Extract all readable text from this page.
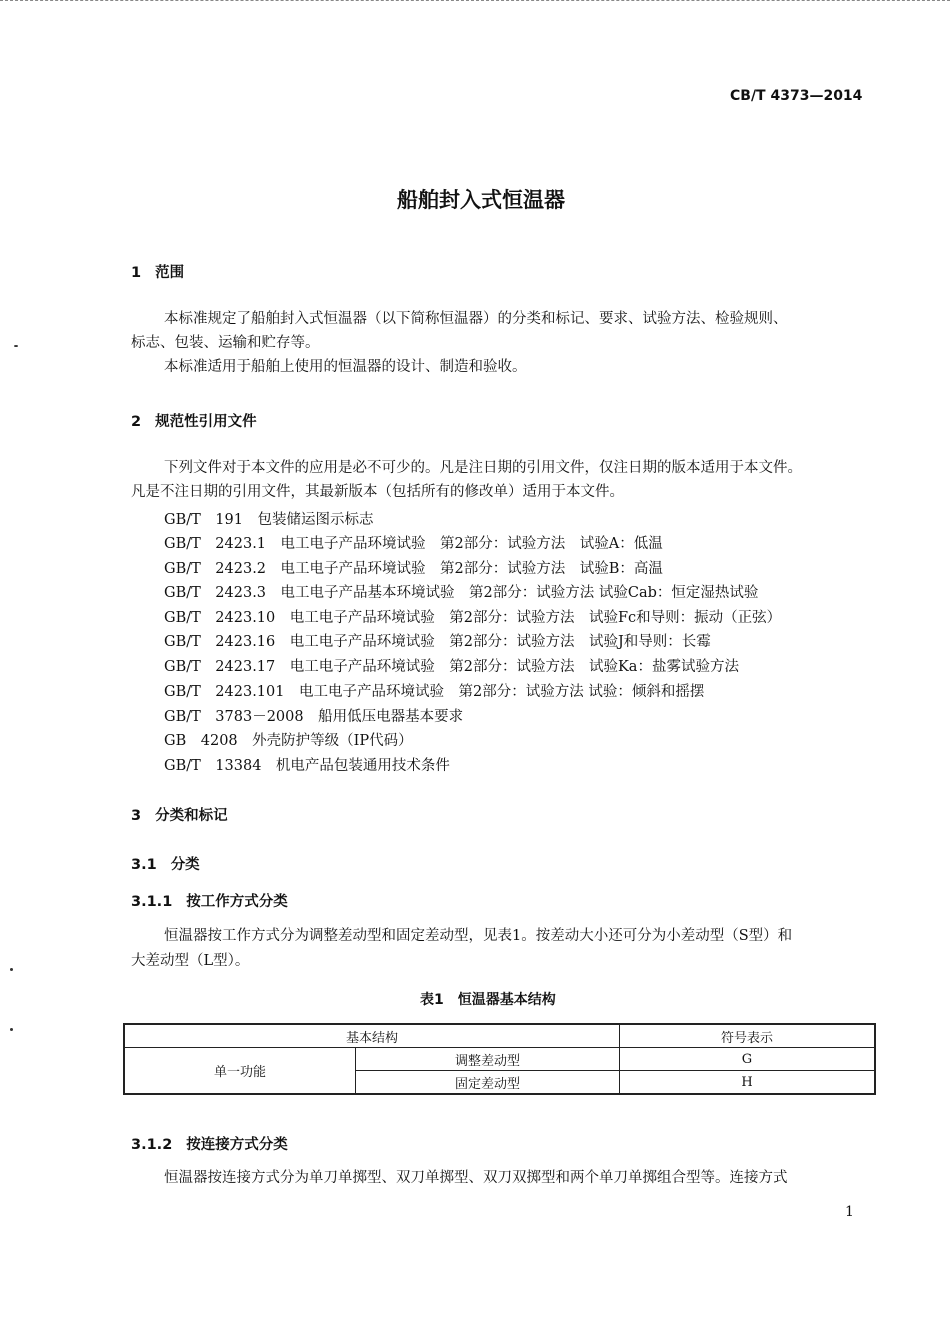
CB/T 4373—2014
船舶封入式恒温器
1 范围
本标准规定了船舶封入式恒温器（以下简称恒温器）的分类和标记、要求、试验方法、检验规则、
标志、包装、运输和贮存等。
本标准适用于船舶上使用的恒温器的设计、制造和验收。
2 规范性引用文件
下列文件对于本文件的应用是必不可少的。凡是注日期的引用文件，仅注日期的版本适用于本文件。
凡是不注日期的引用文件，其最新版本（包括所有的修改单）适用于本文件。
GB/T　191　包装储运图示标志
GB/T　2423.1　电工电子产品环境试验　第2部分：试验方法　试验A：低温
GB/T　2423.2　电工电子产品环境试验　第2部分：试验方法　试验B：高温
GB/T　2423.3　电工电子产品基本环境试验　第2部分：试验方法 试验Cab：恒定湿热试验
GB/T　2423.10　电工电子产品环境试验　第2部分：试验方法　试验Fc和导则：振动（正弦）
GB/T　2423.16　电工电子产品环境试验　第2部分：试验方法　试验J和导则：长霉
GB/T　2423.17　电工电子产品环境试验　第2部分：试验方法　试验Ka：盐雾试验方法
GB/T　2423.101　电工电子产品环境试验　第2部分：试验方法 试验：倾斜和摇摆
GB/T　3783－2008　船用低压电器基本要求
GB　4208　外壳防护等级（IP代码）
GB/T　13384　机电产品包装通用技术条件
3 分类和标记
3.1 分类
3.1.1 按工作方式分类
恒温器按工作方式分为调整差动型和固定差动型，见表1。按差动大小还可分为小差动型（S型）和
大差动型（L型）。
表1　恒温器基本结构
基本结构		符号表示
单一功能	调整差动型	G
	固定差动型	H
3.1.2 按连接方式分类
恒温器按连接方式分为单刀单掷型、双刀单掷型、双刀双掷型和两个单刀单掷组合型等。连接方式
1
